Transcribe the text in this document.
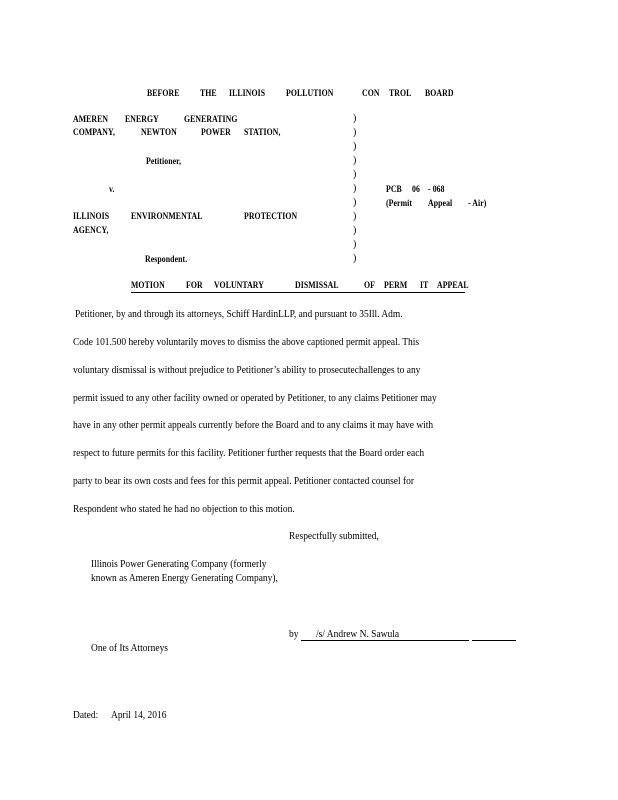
BEFORE THE ILLINOIS POLLUTION	CON TROL BOARD
AMEREN ENERGY	GENERATING
COMPANY,	NEWTON	POWER STATION,
Petitioner,
v.	PCB 06 - 068
(Permit Appeal - Air)
ILLINOIS ENVIRONMENTAL	PROTECTION
AGENCY,
Respondent.
)
)
)
)
)
)
)
)
)
)
)
MOTION FOR VOLUNTARY	DISMISSAL	OF PERM IT APPEAL
Petitioner, by and through its attorneys, Schiff HardinLLP, and pursuant to 35Ill. Adm.
Code 101.500 hereby voluntarily moves to dismiss the above captioned permit appeal. This
voluntary dismissal is without prejudice to Petitioner’s ability to prosecutechallenges to any
permit issued to any other facility owned or operated by Petitioner, to any claims Petitioner may
have in any other permit appeals currently before the Board and to any claims it may have with
respect to future permits for this facility. Petitioner further requests that the Board order each
party to bear its own costs and fees for this permit appeal. Petitioner contacted counsel for
Respondent who stated he had no objection to this motion.
Respectfully submitted,
Illinois Power Generating Company (formerly
known as Ameren Energy Generating Company),
by /s/ Andrew N. Sawula
One of Its Attorneys
Dated: April 14, 2016
